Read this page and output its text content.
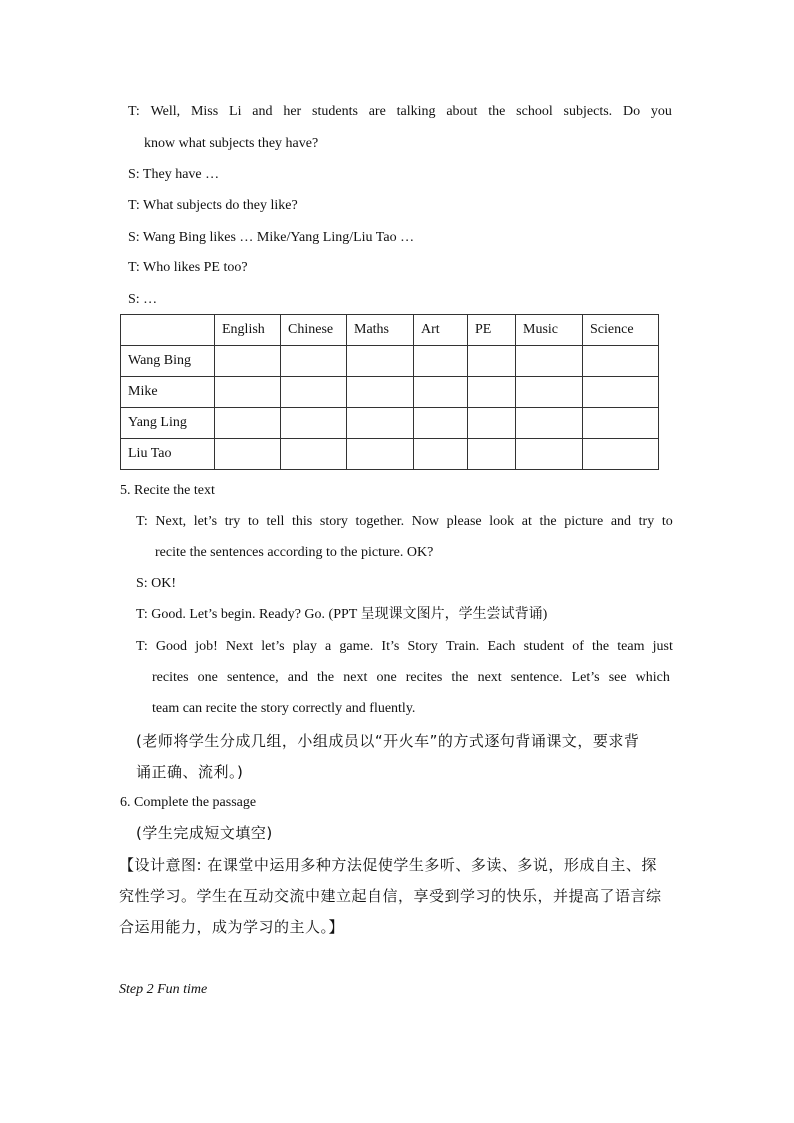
T: Well, Miss Li and her students are talking about the school subjects. Do you
know what subjects they have?
S: They have …
T: What subjects do they like?
S: Wang Bing likes … Mike/Yang Ling/Liu Tao …
T: Who likes PE too?
S: …
	English	Chinese	Maths	Art	PE	Music	Science
Wang Bing							
Mike							
Yang Ling							
Liu Tao							
5. Recite the text
T: Next, let’s try to tell this story together. Now please look at the picture and try to
recite the sentences according to the picture. OK?
S: OK!
T: Good. Let’s begin. Ready? Go. (PPT 呈现课文图片，学生尝试背诵)
T: Good job! Next let’s play a game. It’s Story Train. Each student of the team just
recites one sentence, and the next one recites the next sentence. Let’s see which
team can recite the story correctly and fluently.
(老师将学生分成几组，小组成员以“开火车”的方式逐句背诵课文，要求背
诵正确、流利。)
6. Complete the passage
(学生完成短文填空)
【设计意图: 在课堂中运用多种方法促使学生多听、多读、多说，形成自主、探
究性学习。学生在互动交流中建立起自信，享受到学习的快乐，并提高了语言综
合运用能力，成为学习的主人。】
Step 2 Fun time
